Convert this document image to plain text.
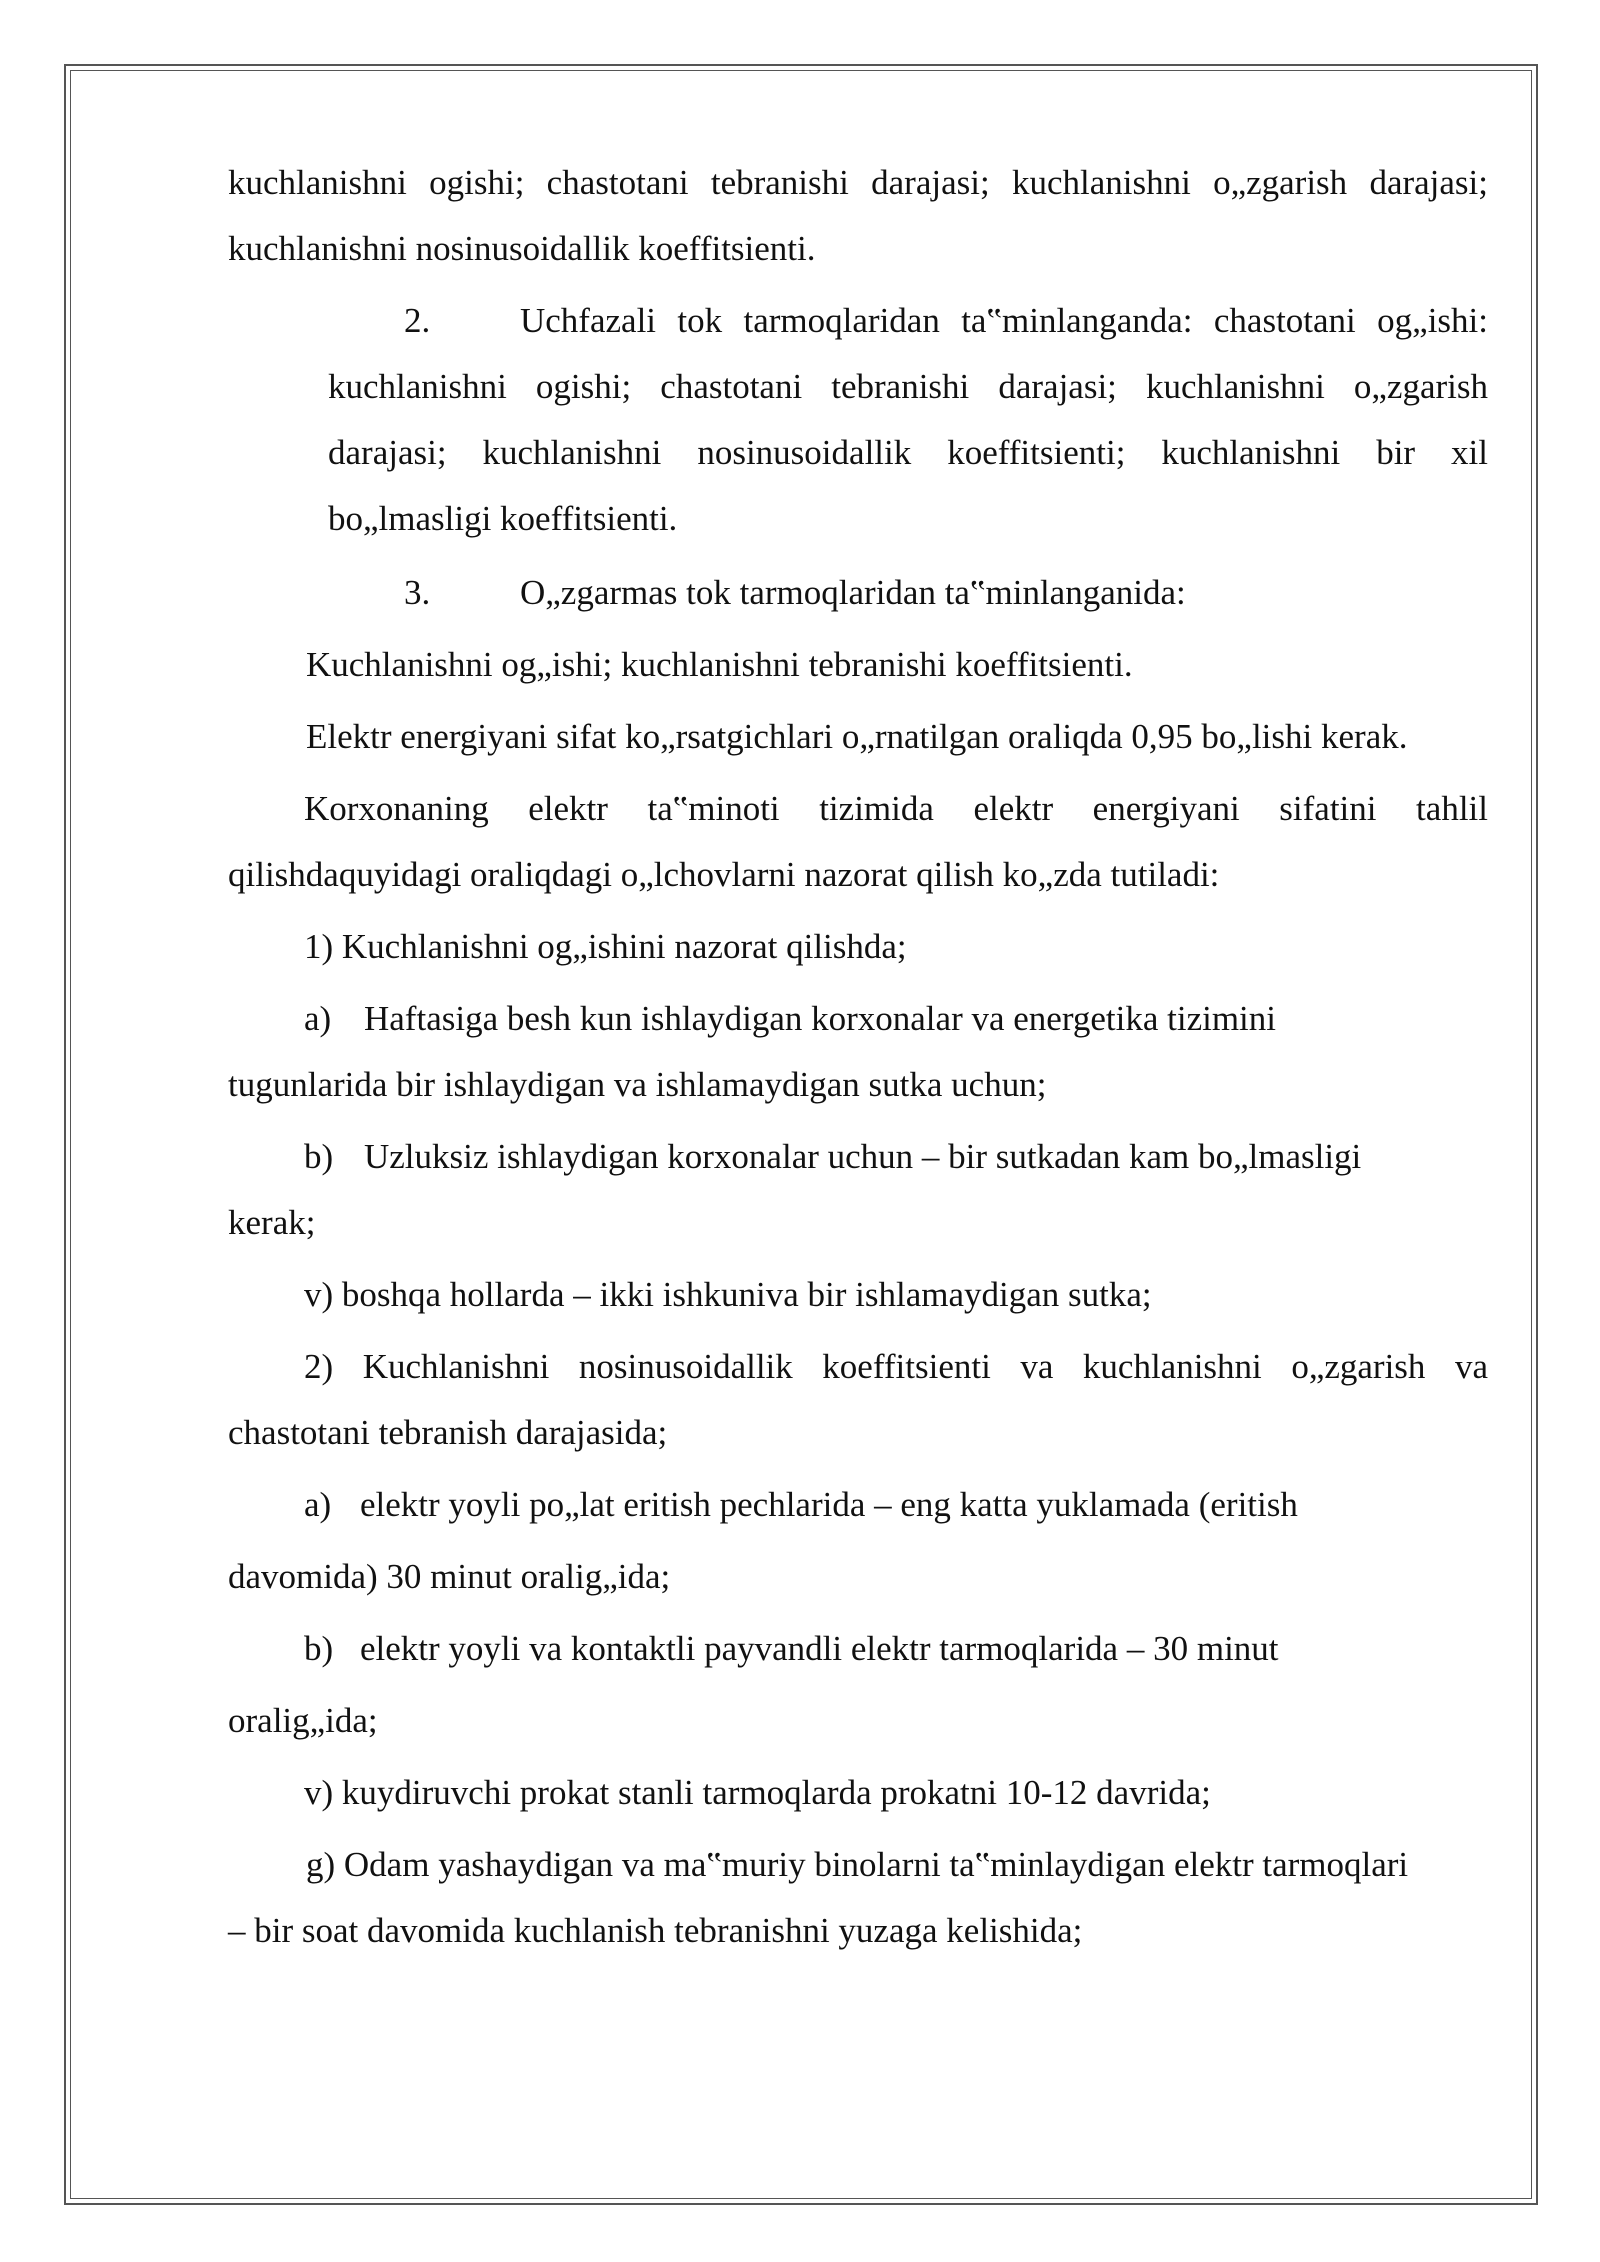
kuchlanishni ogishi; chastotani tebranishi darajasi; kuchlanishni o„zgarish darajasi;

kuchlanishni nosinusoidallik koeffitsienti.

2.	Uchfazali tok tarmoqlaridan ta‟minlanganda: chastotani og„ishi:

kuchlanishni ogishi; chastotani tebranishi darajasi; kuchlanishni o„zgarish darajasi; kuchlanishni nosinusoidallik koeffitsienti; kuchlanishni bir xil bo„lmasligi koeffitsienti.

3.	O„zgarmas tok tarmoqlaridan ta‟minlanganida:

Kuchlanishni og„ishi; kuchlanishni tebranishi koeffitsienti.

Elektr energiyani sifat ko„rsatgichlari o„rnatilgan oraliqda 0,95 bo„lishi kerak.

Korxonaning elektr ta‟minoti tizimida elektr energiyani sifatini tahlil qilishdaquyidagi oraliqdagi o„lchovlarni nazorat qilish ko„zda tutiladi:

1) Kuchlanishni og„ishini nazorat qilishda;

a) Haftasiga besh kun ishlaydigan korxonalar va energetika tizimini

tugunlarida bir ishlaydigan va ishlamaydigan sutka uchun;

b) Uzluksiz ishlaydigan korxonalar uchun – bir sutkadan kam bo„lmasligi

kerak;

v) boshqa hollarda – ikki ishkuniva bir ishlamaydigan sutka;

2) Kuchlanishni nosinusoidallik koeffitsienti va kuchlanishni o„zgarish va chastotani tebranish darajasida;

a) elektr yoyli po„lat eritish pechlarida – eng katta yuklamada (eritish

davomida) 30 minut oralig„ida;

b) elektr yoyli va kontaktli payvandli elektr tarmoqlarida – 30 minut

oralig„ida;

v) kuydiruvchi prokat stanli tarmoqlarda prokatni 10-12 davrida;

g) Odam yashaydigan va ma‟muriy binolarni ta‟minlaydigan elektr tarmoqlari

– bir soat davomida kuchlanish tebranishni yuzaga kelishida;
